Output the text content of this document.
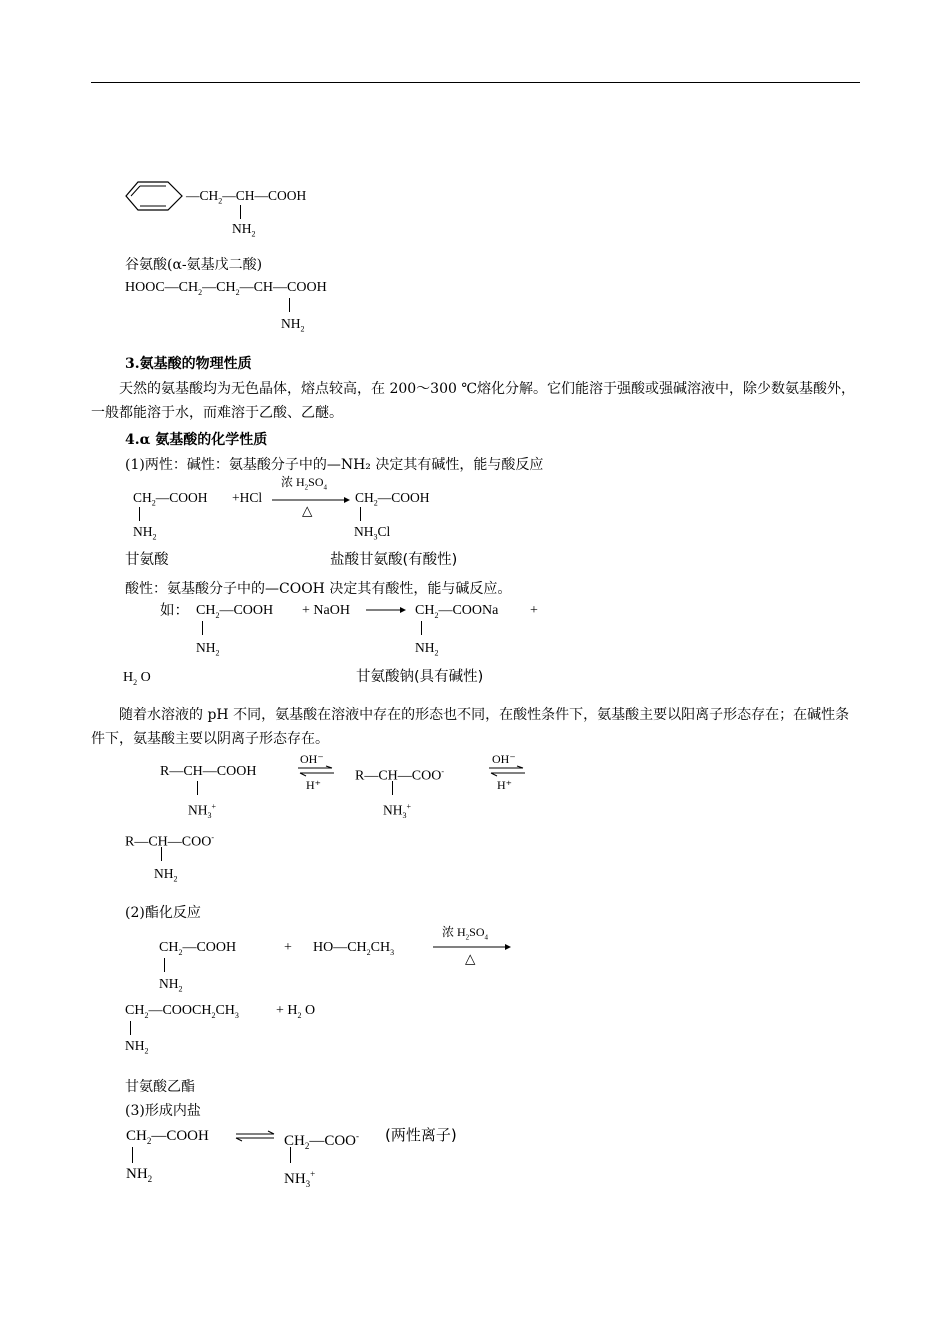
$—CH_2—CH—COOH$
$NH_2$
谷氨酸(α-氨基戊二酸)
$HOOC—CH_2—CH_2—CH—COOH$
$NH_2$
3.氨基酸的物理性质
天然的氨基酸均为无色晶体，熔点较高，在 200～300 ℃熔化分解。它们能溶于强酸或强碱溶液中，除少数氨基酸外，一般都能溶于水，而难溶于乙酸、乙醚。
4.α 氨基酸的化学性质
(1)两性：碱性：氨基酸分子中的—NH₂ 决定其有碱性，能与酸反应
$CH_2—COOH$
$NH_2$
+HCl
浓 $H_2SO_4$
△
$CH_2—COOH$
$NH_3Cl$
甘氨酸	盐酸甘氨酸(有酸性)
酸性：氨基酸分子中的—COOH 决定其有酸性，能与碱反应。
如： $CH_2—COOH$
$NH_2$
+ NaOH → $CH_2—COONa$ +
$NH_2$
$H_2$ O	甘氨酸钠(具有碱性)
随着水溶液的 pH 不同，氨基酸在溶液中存在的形态也不同，在酸性条件下，氨基酸主要以阳离子形态存在；在碱性条件下，氨基酸主要以阴离子形态存在。
R—CH—COOH
$NH_3^+$
OH⁻
H⁺
R—CH—COO-
$NH_3^+$
OH⁻
H⁺
R—CH—COO-
$NH_2$
(2)酯化反应
$CH_2—COOH$
$NH_2$
+ $HO—CH_2CH_3$
浓 $H_2SO_4$
△
$CH_2—COOCH_2CH_3$	+ $H_2$ O
$NH_2$
甘氨酸乙酯
(3)形成内盐
$CH_2—COOH$ ⇌ $CH_2—COO^-$ (两性离子)
$NH_2$	$NH_3^+$
